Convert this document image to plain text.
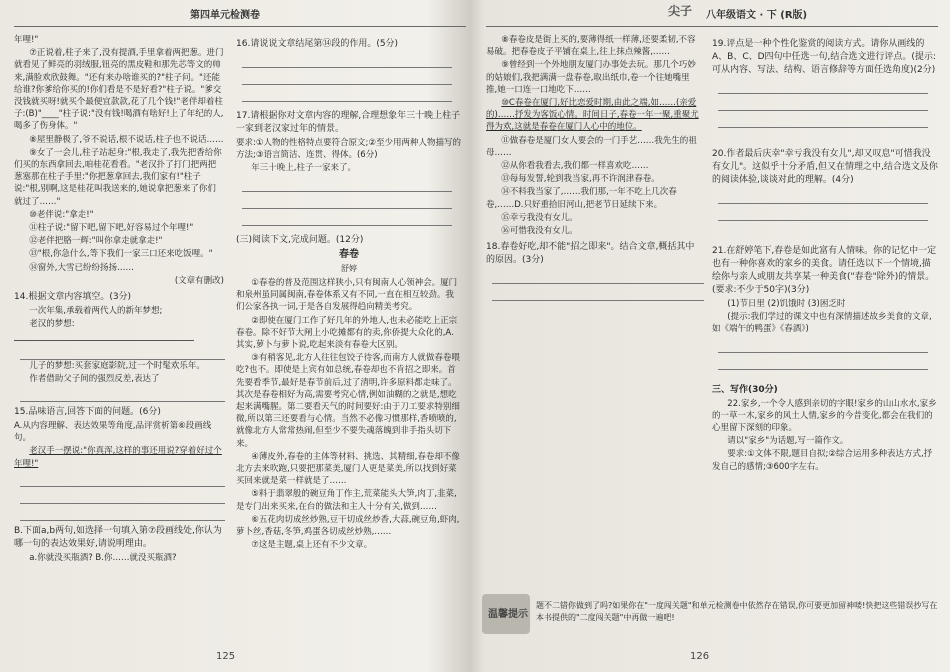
第四单元检测卷	尖子	八年级语文 · 下 (R版)

年哩!"

⑦正说着,柱子来了,没有提酒,手里拿着两把葱。进门就看见了鲜亮的羽绒服,钮亮的黑皮鞋和那先芯等文的帅来,满脸欢欣鼓舞。"还有来办啥谁买的?"柱子问。"还能给谁?你爹给你买的!你们看是不是好看?"柱子说。"爹交没钱就买呀!就买个最便宜款款,花了几个钱!"老伴却着柱子:(B)"____"柱子说:"没有钱!喝酒有啥好!上了年纪的人,喝多了伤身体。"

⑧屋里静极了,爷不说话,根不说话,柱子也不说话……

⑨女了一会儿,柱子站起身:"根,我走了,我先把香给你们买的东西拿回去,咱桂花看看。"老汉扑了打门把两把葱塞那在柱子手里:"你把葱拿回去,我们家有!"柱子说:"根,别啊,这是桂花叫我送来的,她说拿把葱来了你们就过了……"

⑩老伴说:"拿走!"

⑪柱子说:"留下吧,留下吧,好容易过个年哩!"

⑫老伴把胳一辉:"叫你拿走就拿走!"

⑬"根,你急什么,等下我们一家三口还来吃饭哩。"

⑭窗外,大雪已纷纷扬扬……

(文章有删改)

14.根据文章内容填空。(3分)

一次年集,承载着两代人的新年梦想;

老汉的梦想:

儿子的梦想:买套家庭影院,过一个时髦欢乐年。

作者借助父子间的强烈反差,表达了

15.品味语言,回答下面的问题。(6分)

A.从内容理解、表达效果等角度,品评赏析第⑥段画线句。

老汉手一摆说:"你真浑,这样的事还用说?穿着好过个年哩!"

B.下面a,b两句,如选择一句填入第⑦段画线处,你认为哪一句的表达效果好,请说明理由。

a.你就没买瓶酒? B.你……就没买瓶酒?

16.请说说文章结尾第⑭段的作用。(5分)

17.请根据你对文章内容的理解,合理想象年三十晚上柱子一家到老汉家过年的情景。

要求:①人物的性格特点要符合原文;②至少用两种人物描写的方法;③语言简洁、连贯、得体。(6分)

年三十晚上,柱子一家来了。

(三)阅读下文,完成问题。(12分)

春卷

舒婷

①春卷的普及范围这样狭小,只有闽南人心领神会。厦门和泉州虽同属闽南,春卷体系又有不同,一直在相互较劲。我们公家各执一词,于是各自发展得趋向精美考究。

②即使在厦门工作了好几年的外地人,也未必能吃上正宗春卷。除不好节大闸上小吃摊都有的卖,你侨提大众化的,A.其实,萝卜与萝卜说,吃起来淡有春卷大区别。

③有稍客见,北方人往往包饺子待客,而南方人就做春卷喂吃?也不。即使是上宾有如总统,春卷却也不肯招之即来。首先要看季节,最好是春节前后,过了清明,许多原料都走味了。其次是春卷相好为高,需要考究心情,例如油糊的之就是,想吃起来满嘴腥。第二要看天气的时间要好:由于刀工要求特别细微,所以第三还要看与心情。当然不必像习惯那样,香喷喷的,就像北方人常常热闹,但至少不要失魂落魄到非手指头切下来。

④薄皮外,春卷的主体等材料、挑选、其精细,春卷却不像北方去来吹跑,只要把那菜美,厦门人更是菜美,所以找到好菜买回来就是菜一样就是了……

⑤料于翡翠般的碗豆角丁作主,荒菜能头大笋,肉丁,韭菜,是专门出来买来,在台的做法和主人十分有关,做到……

⑥五花肉切成丝炒熟,豆干切成丝炒香,大蒜,碗豆角,虾肉,萝卜丝,香菇,冬笋,鸡蛋各切成丝炒熟,……

⑦这是主题,桌上还有不少文章。

125

⑧春卷皮是街上买的,要薄得纸一样薄,还要柔韧,不容易破。把春卷皮子平铺在桌上,往上抹点辣酱,……

⑨曾经到一个外地朋友厦门办事处去玩。那几个巧妙的姑娘们,我把满满一盘春卷,取出纸巾,卷一个往她嘴里推,她一口连一口地吃下……

⑩C春卷在厦门,好比恋爱时期,由此之端,如……(亲爱的)……抒发为客饭心情。时间日子,春卷一年一聚,重聚尤得为欢,这就是春卷在厦门人心中的地位。

⑪做春卷是厦门女人要会的一门手艺……我先生的祖母……

⑫从你看我看去,我们都一样喜欢吃……

⑬每每发誓,轮到我当家,再不许润津春卷。

⑭不料我当家了,……我们那,一年不吃上几次春卷,……D.只好重拾旧河山,把老节日延续下来。

⑮幸亏我没有女儿。

⑯可惜我没有女儿。

18.春卷好吃,却不能"招之即来"。结合文章,概括其中的原因。(3分)

126

19.评点是一种个性化鉴赏的阅读方式。请你从画线的A、B、C、D四句中任选一句,结合选文进行评点。(提示:可从内容、写法、结构、语言修辞等方面任选角度)(2分)

20.作者最后庆幸"幸亏我没有女儿",却又叹息"可惜我没有女儿"。这似乎十分矛盾,但又在情理之中,结合选文及你的阅读体验,谈谈对此的理解。(4分)

21.在舒婷笔下,春卷是如此富有人情味。你的记忆中一定也有一种你喜欢的家乡的美食。请任选以下一个情境,描绘你与亲人或朋友共享某一种美食("春卷"除外)的情景。(要求:不少于50字)(3分)

(1)节日里 (2)饥饿时 (3)困乏时

(提示:我们学过的课文中也有深情描述故乡美食的文章,如《端午的鸭蛋》《春酒》)

三、写作(30分)

22.家乡,一个令人感到亲切的字眼!家乡的山山水水,家乡的一草一木,家乡的风土人情,家乡的今昔变化,都会在我们的心里留下深刻的印象。

请以"家乡"为话题,写一篇作文。

要求:①文体不限,题目自拟;②综合运用多种表达方式,抒发自己的感情;③600字左右。

温馨提示
题不二错你做到了吗?如果你在"一度闯关题"和单元检测卷中依然存在错误,你可要更加留神喽!快把这些错误抄写在本书提供的"二度闯关题"中再做一遍吧!
